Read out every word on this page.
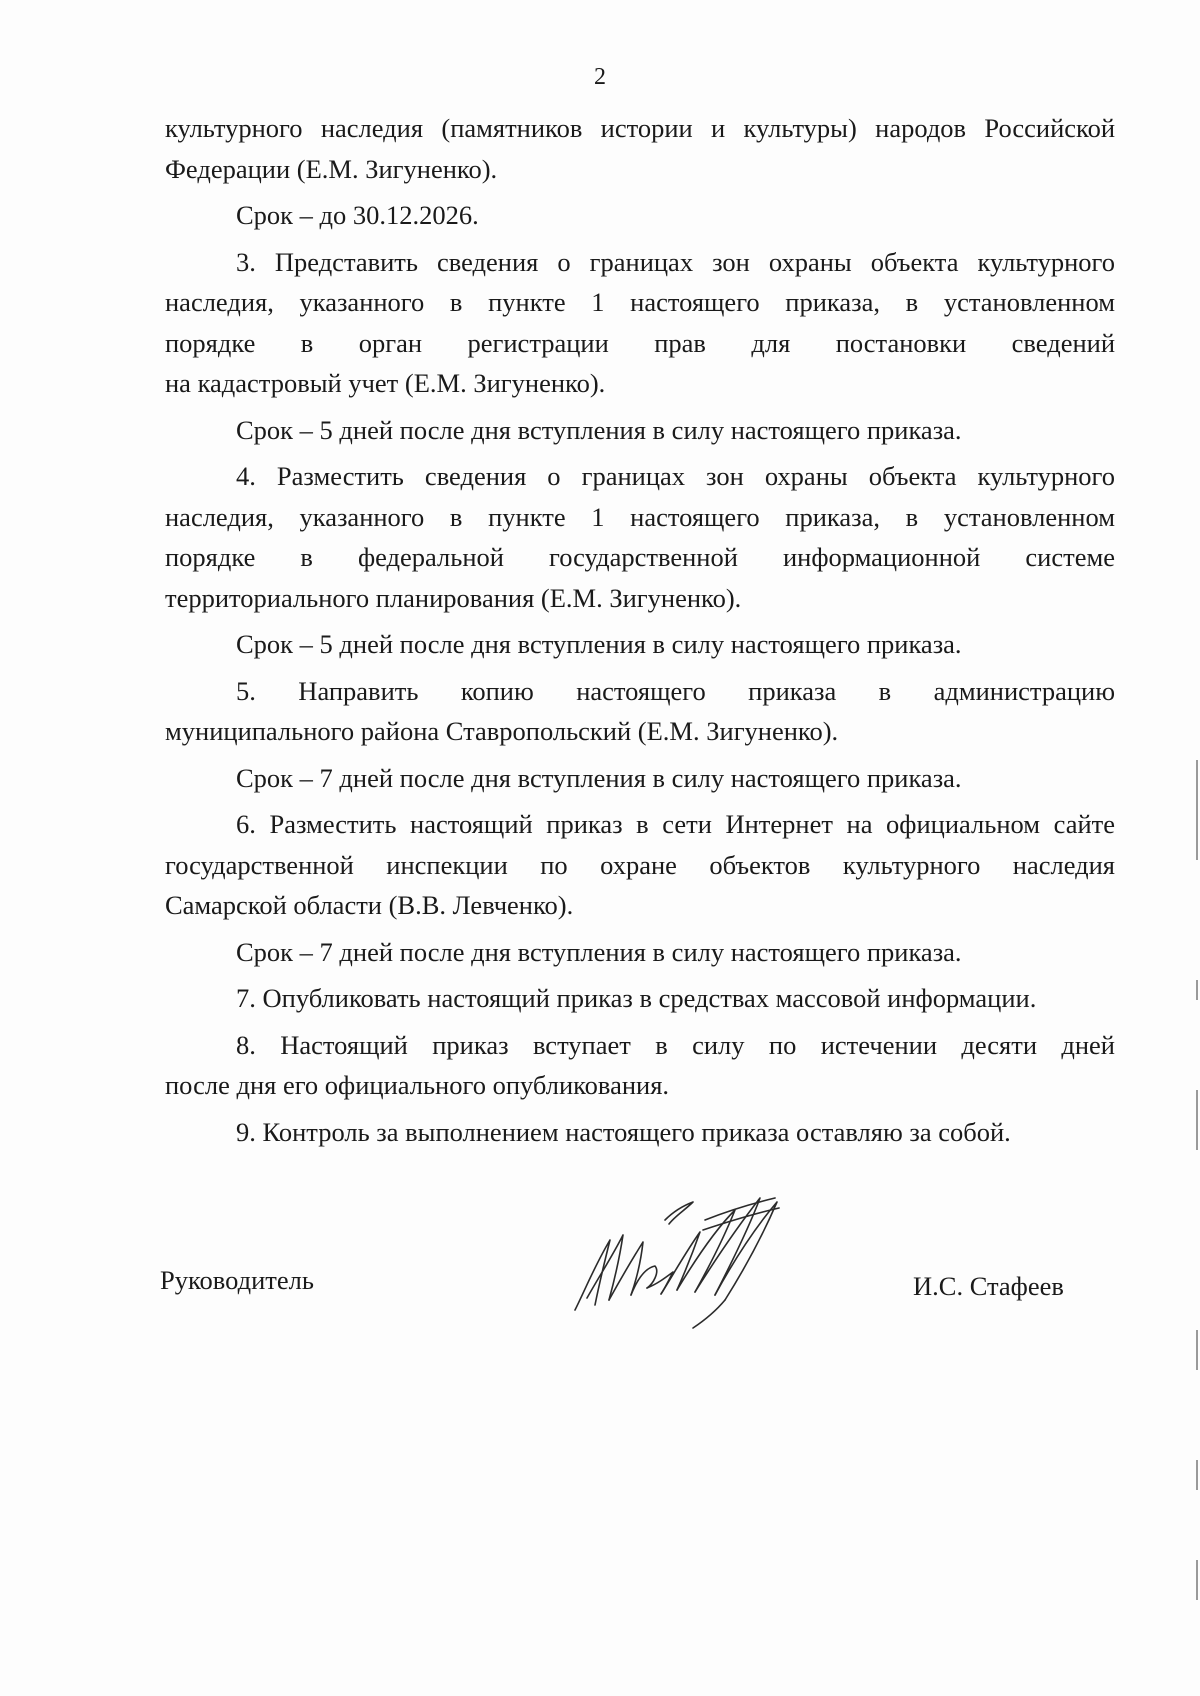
2

культурного наследия (памятников истории и культуры) народов Российской

Федерации (Е.М. Зигуненко).

Срок – до 30.12.2026.

3. Представить сведения о границах зон охраны объекта культурного

наследия, указанного в пункте 1 настоящего приказа, в установленном

порядке в орган регистрации прав для постановки сведений

на кадастровый учет (Е.М. Зигуненко).

Срок – 5 дней после дня вступления в силу настоящего приказа.

4. Разместить сведения о границах зон охраны объекта культурного

наследия, указанного в пункте 1 настоящего приказа, в установленном

порядке в федеральной государственной информационной системе

территориального планирования (Е.М. Зигуненко).

Срок – 5 дней после дня вступления в силу настоящего приказа.

5. Направить копию настоящего приказа в администрацию

муниципального района Ставропольский (Е.М. Зигуненко).

Срок – 7 дней после дня вступления в силу настоящего приказа.

6. Разместить настоящий приказ в сети Интернет на официальном сайте

государственной инспекции по охране объектов культурного наследия

Самарской области (В.В. Левченко).

Срок – 7 дней после дня вступления в силу настоящего приказа.

7. Опубликовать настоящий приказ в средствах массовой информации.

8. Настоящий приказ вступает в силу по истечении десяти дней

после дня его официального опубликования.

9. Контроль за выполнением настоящего приказа оставляю за собой.

Руководитель	И.С. Стафеев
